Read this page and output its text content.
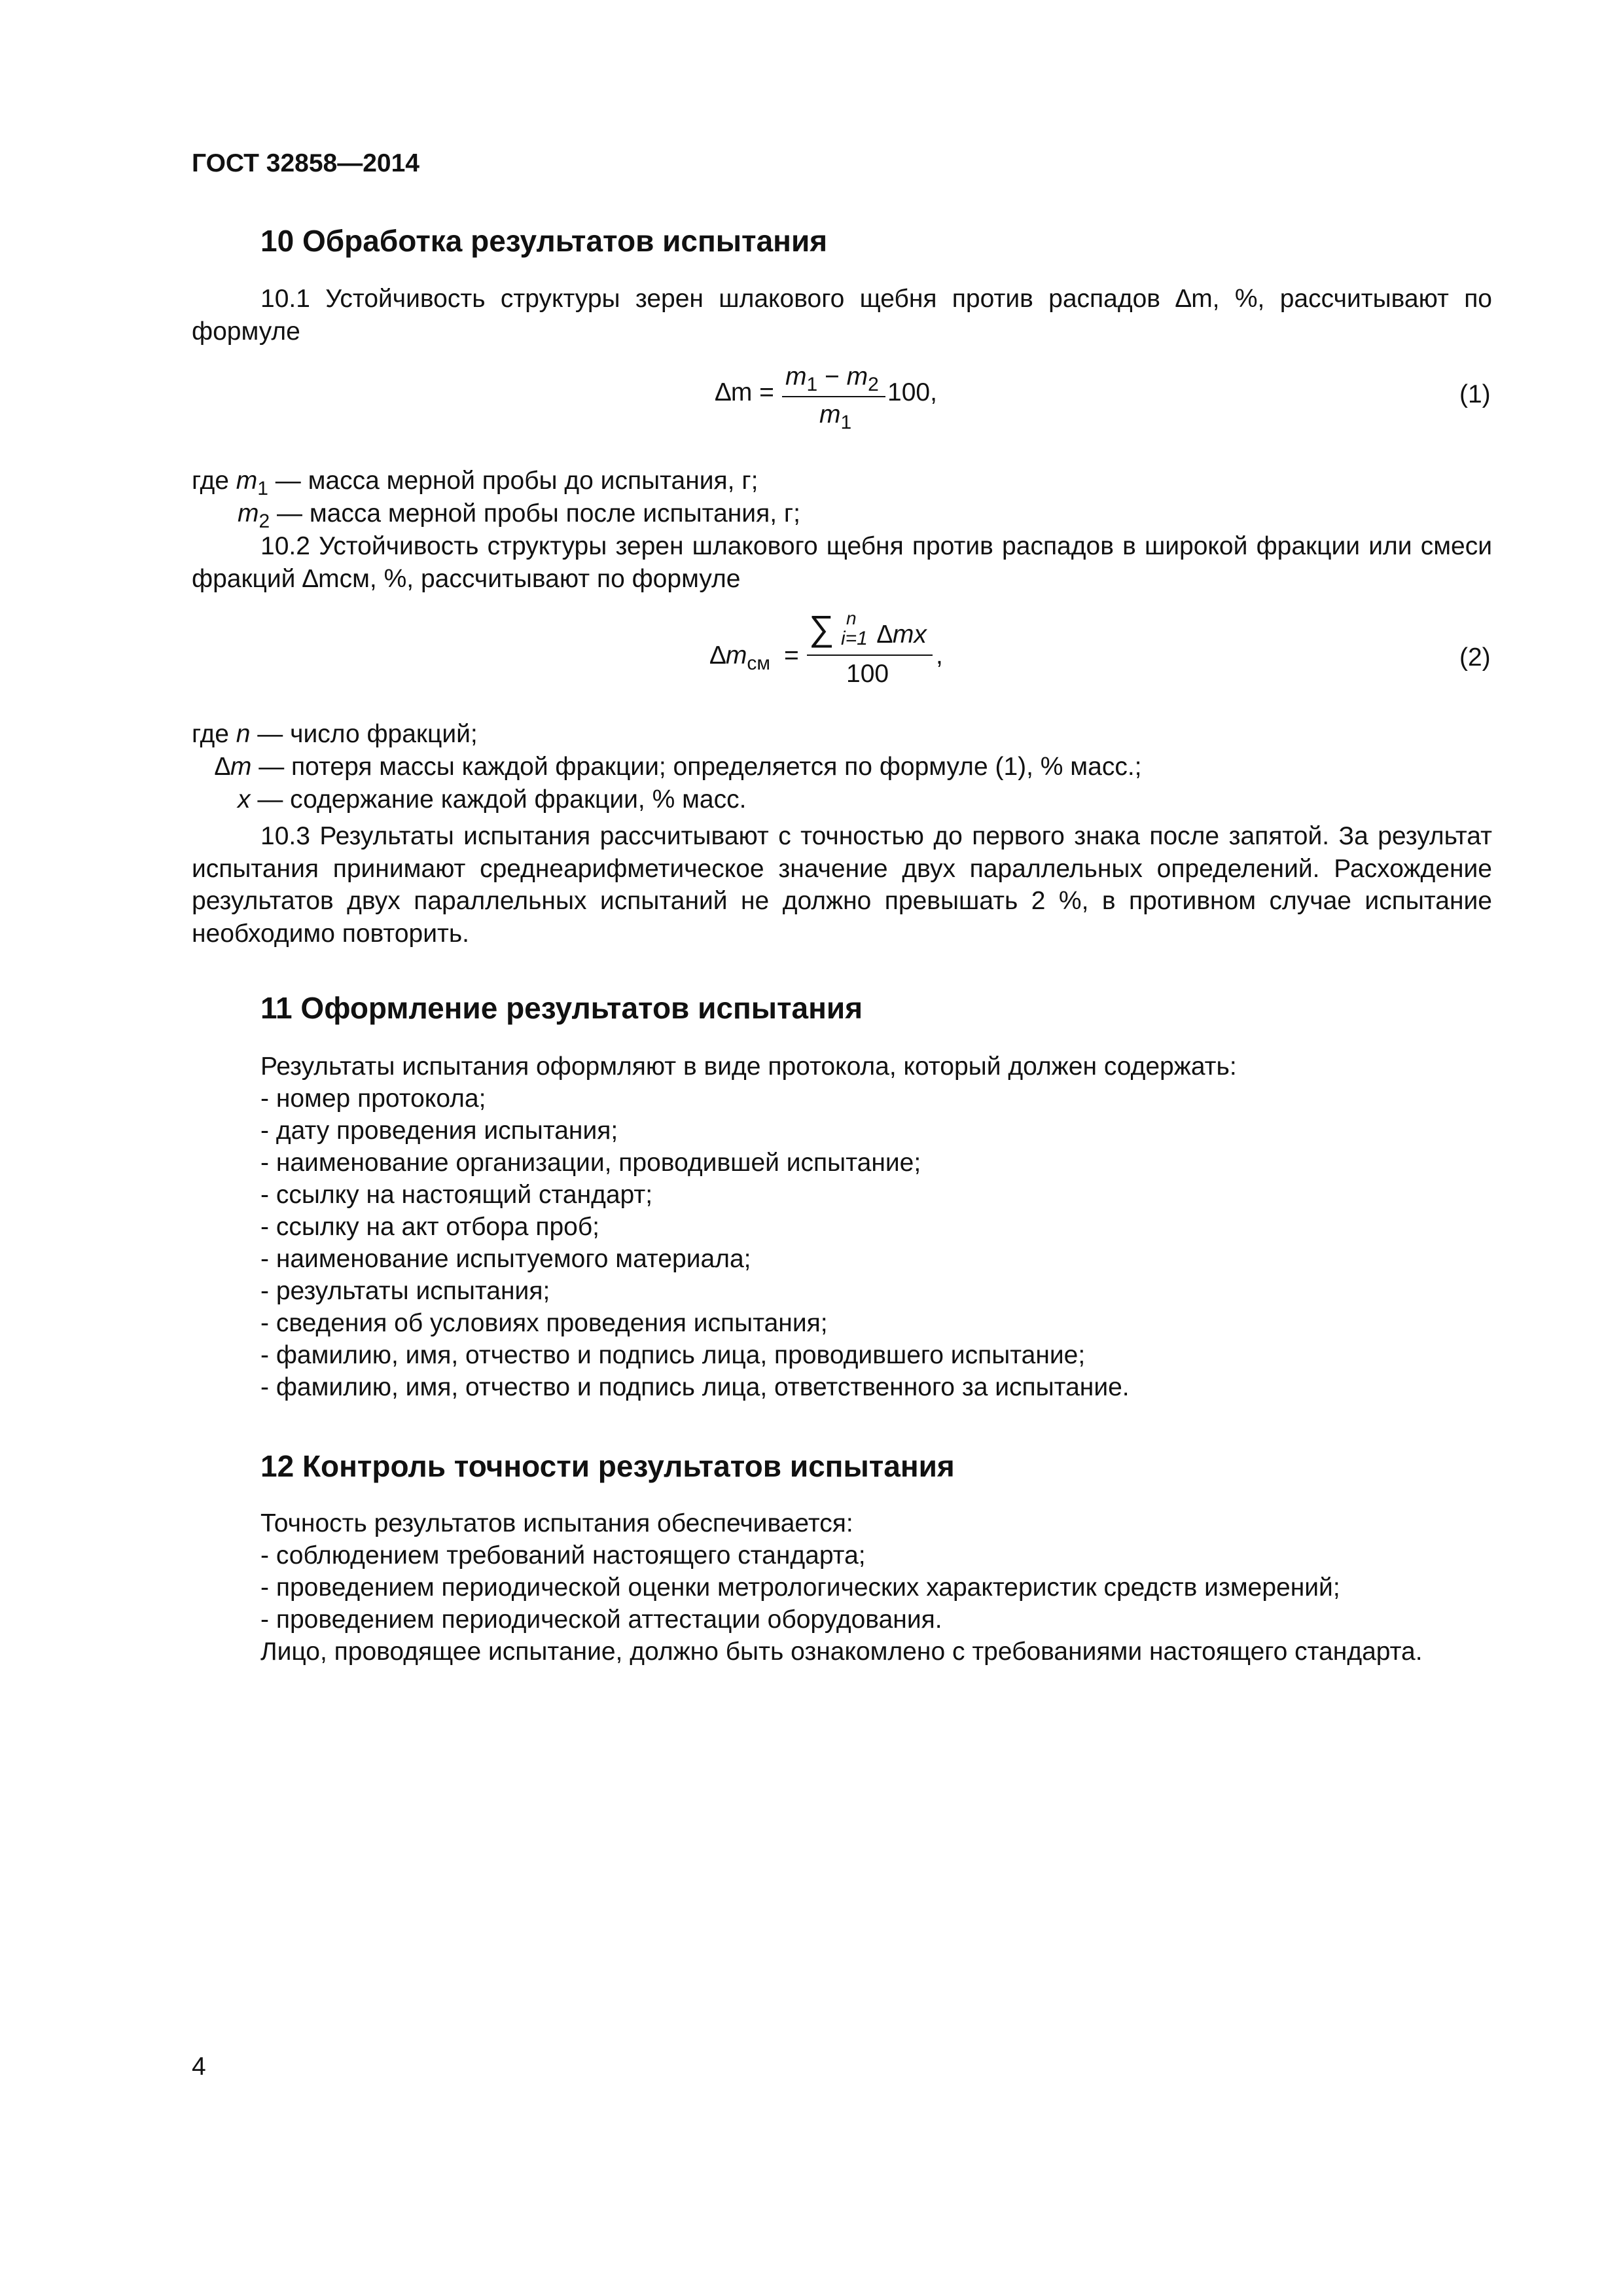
ГОСТ 32858—2014
10 Обработка результатов испытания
10.1 Устойчивость структуры зерен шлакового щебня против распадов ∆m, %, рассчитывают по формуле
∆m =
$m_1 - m_2$
$m_1$
100,	(1)
где $m_1$ — масса мерной пробы до испытания, г;
$m_2$ — масса мерной пробы после испытания, г;
10.2 Устойчивость структуры зерен шлакового щебня против распадов в широкой фракции или смеси фракций ∆mсм, %, рассчитывают по формуле
$\Delta m_{см}$ =
∑ n
i=1 ∆mx
100
,	(2)
где n — число фракций;
∆m — потеря массы каждой фракции; определяется по формуле (1), % масс.;
x — содержание каждой фракции, % масс.
10.3 Результаты испытания рассчитывают с точностью до первого знака после запятой. За результат испытания принимают среднеарифметическое значение двух параллельных определений. Расхождение результатов двух параллельных испытаний не должно превышать 2 %, в противном случае испытание необходимо повторить.
11 Оформление результатов испытания
Результаты испытания оформляют в виде протокола, который должен содержать:
- номер протокола;
- дату проведения испытания;
- наименование организации, проводившей испытание;
- ссылку на настоящий стандарт;
- ссылку на акт отбора проб;
- наименование испытуемого материала;
- результаты испытания;
- сведения об условиях проведения испытания;
- фамилию, имя, отчество и подпись лица, проводившего испытание;
- фамилию, имя, отчество и подпись лица, ответственного за испытание.
12 Контроль точности результатов испытания
Точность результатов испытания обеспечивается:
- соблюдением требований настоящего стандарта;
- проведением периодической оценки метрологических характеристик средств измерений;
- проведением периодической аттестации оборудования.
Лицо, проводящее испытание, должно быть ознакомлено с требованиями настоящего стандарта.
4
